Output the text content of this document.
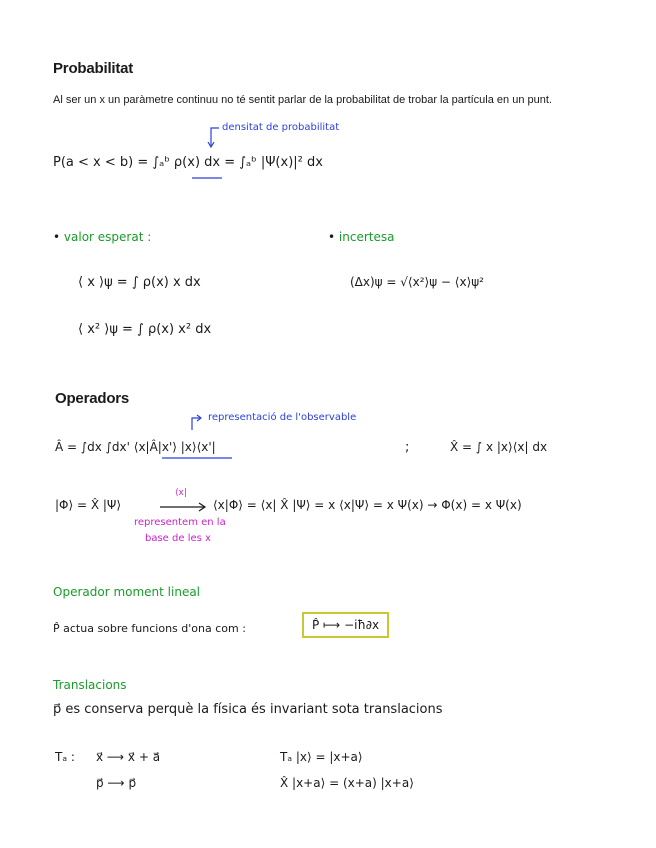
Probabilitat
Al ser un x un paràmetre continuu no té sentit parlar de la probabilitat de trobar la partícula en un punt.
densitat de probabilitat
P(a < x < b) = ∫ₐᵇ ρ(x) dx = ∫ₐᵇ |Ψ(x)|² dx
• valor esperat :
⟨ x ⟩ψ = ∫ ρ(x) x dx
⟨ x² ⟩ψ = ∫ ρ(x) x² dx
• incertesa
(Δx)ψ = √⟨x²⟩ψ − ⟨x⟩ψ²
Operadors
representació de l'observable
Â = ∫dx ∫dx' ⟨x|Â|x'⟩ |x⟩⟨x'|	;	X̂ = ∫ x |x⟩⟨x| dx
|Φ⟩ = X̂ |Ψ⟩
⟨x|
⟨x|Φ⟩ = ⟨x| X̂ |Ψ⟩ = x ⟨x|Ψ⟩ = x Ψ(x) → Φ(x) = x Ψ(x)
representem en la
base de les x
Operador moment lineal
P̂ actua sobre funcions d'ona com :	P̂ ⟼ −iħ∂x
Translacions
p⃗ es conserva perquè la física és invariant sota translacions
Tₐ : x⃗ ⟶ x⃗ + a⃗
p⃗ ⟶ p⃗
Tₐ |x⟩ = |x+a⟩
X̂ |x+a⟩ = (x+a) |x+a⟩
